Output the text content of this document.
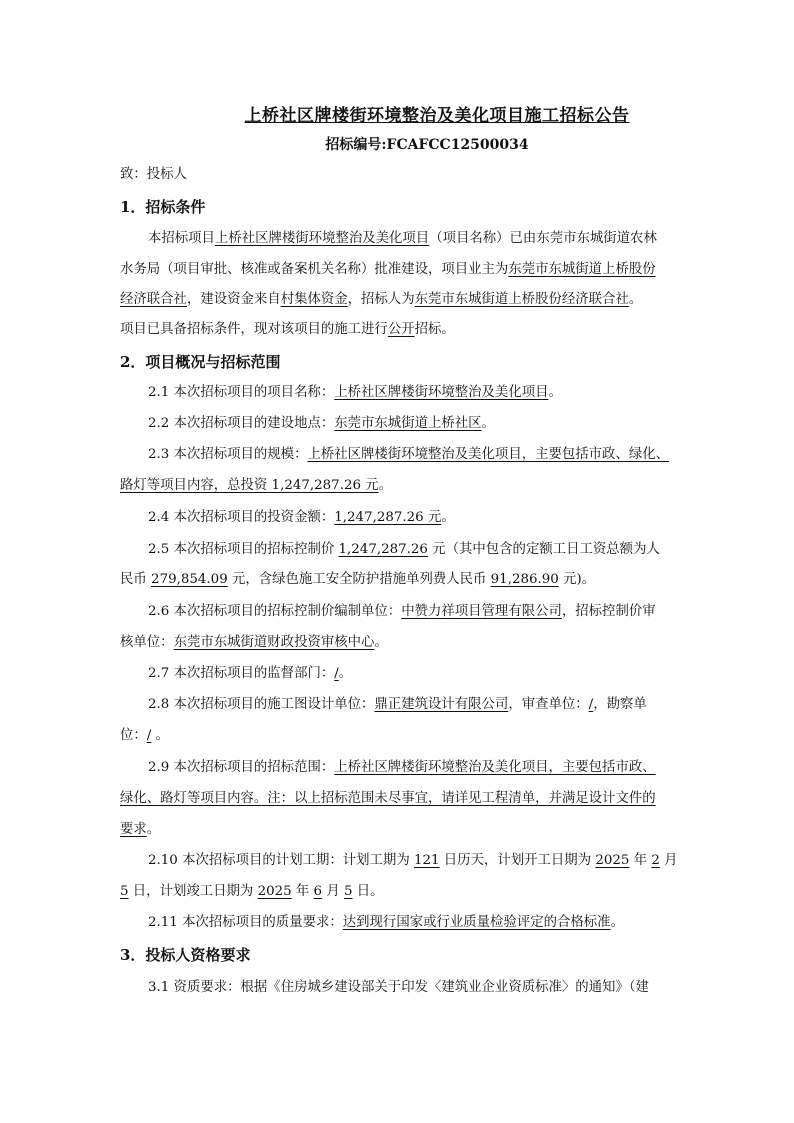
上桥社区牌楼街环境整治及美化项目施工招标公告
招标编号:FCAFCC12500034
致：投标人
1．招标条件
本招标项目上桥社区牌楼街环境整治及美化项目（项目名称）已由东莞市东城街道农林
水务局（项目审批、核准或备案机关名称）批准建设，项目业主为东莞市东城街道上桥股份
经济联合社，建设资金来自村集体资金，招标人为东莞市东城街道上桥股份经济联合社。
项目已具备招标条件，现对该项目的施工进行公开招标。
2．项目概况与招标范围
2.1 本次招标项目的项目名称：上桥社区牌楼街环境整治及美化项目。
2.2 本次招标项目的建设地点：东莞市东城街道上桥社区。
2.3 本次招标项目的规模：上桥社区牌楼街环境整治及美化项目，主要包括市政、绿化、
路灯等项目内容，总投资 1,247,287.26 元。
2.4 本次招标项目的投资金额：1,247,287.26 元。
2.5 本次招标项目的招标控制价 1,247,287.26 元（其中包含的定额工日工资总额为人
民币 279,854.09 元，含绿色施工安全防护措施单列费人民币 91,286.90 元)。
2.6 本次招标项目的招标控制价编制单位：中赞力祥项目管理有限公司，招标控制价审
核单位：东莞市东城街道财政投资审核中心。
2.7 本次招标项目的监督部门：/。
2.8 本次招标项目的施工图设计单位：鼎正建筑设计有限公司，审查单位：/，勘察单
位：/ 。
2.9 本次招标项目的招标范围：上桥社区牌楼街环境整治及美化项目，主要包括市政、
绿化、路灯等项目内容。注：以上招标范围未尽事宜，请详见工程清单，并满足设计文件的
要求。
2.10 本次招标项目的计划工期：计划工期为 121 日历天，计划开工日期为 2025 年 2 月
5 日，计划竣工日期为 2025 年 6 月 5 日。
2.11 本次招标项目的质量要求：达到现行国家或行业质量检验评定的合格标准。
3．投标人资格要求
3.1 资质要求：根据《住房城乡建设部关于印发〈建筑业企业资质标准〉的通知》（建
